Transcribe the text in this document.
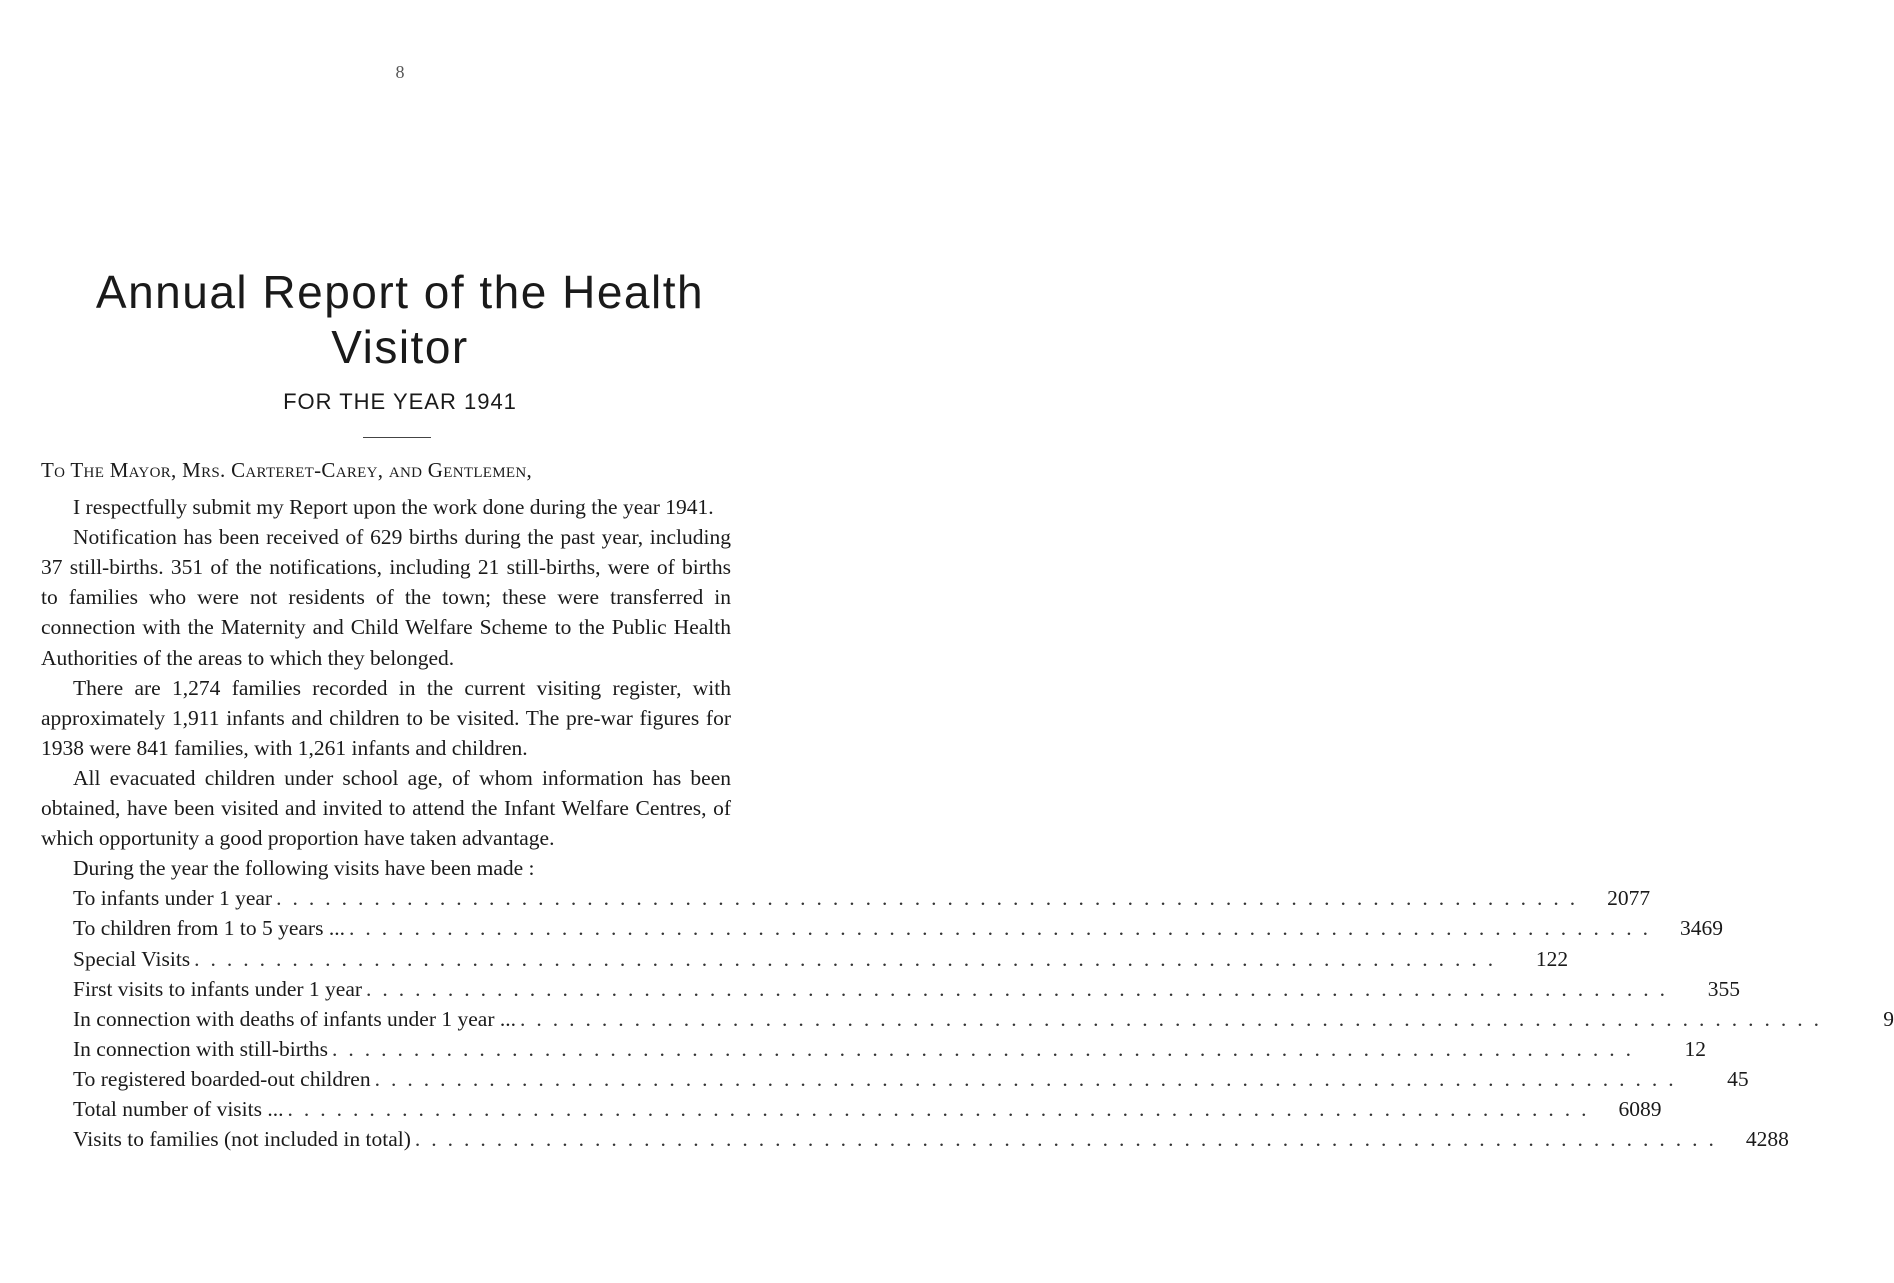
8
Annual Report of the Health
Visitor
FOR THE YEAR 1941

To The Mayor, Mrs. Carteret-Carey, and Gentlemen,

I respectfully submit my Report upon the work done during the year 1941.

Notification has been received of 629 births during the past year, including 37 still-births. 351 of the notifications, including 21 still-births, were of births to families who were not residents of the town; these were transferred in connection with the Maternity and Child Welfare Scheme to the Public Health Authorities of the areas to which they belonged.

There are 1,274 families recorded in the current visiting register, with approximately 1,911 infants and children to be visited. The pre-war figures for 1938 were 841 families, with 1,261 infants and children.

All evacuated children under school age, of whom information has been obtained, have been visited and invited to attend the Infant Welfare Centres, of which opportunity a good proportion have taken advantage.

During the year the following visits have been made :

To infants under 1 year ................................................................................ 2077
To children from 1 to 5 years ... ................................................................................ 3469
Special Visits ................................................................................	122
First visits to infants under 1 year ................................................................................	355
In connection with deaths of infants under 1 year ... ................................................................................	9
In connection with still-births ................................................................................	12
To registered boarded-out children ................................................................................	45
Total number of visits ... ................................................................................ 6089
Visits to families (not included in total) ................................................................................ 4288
